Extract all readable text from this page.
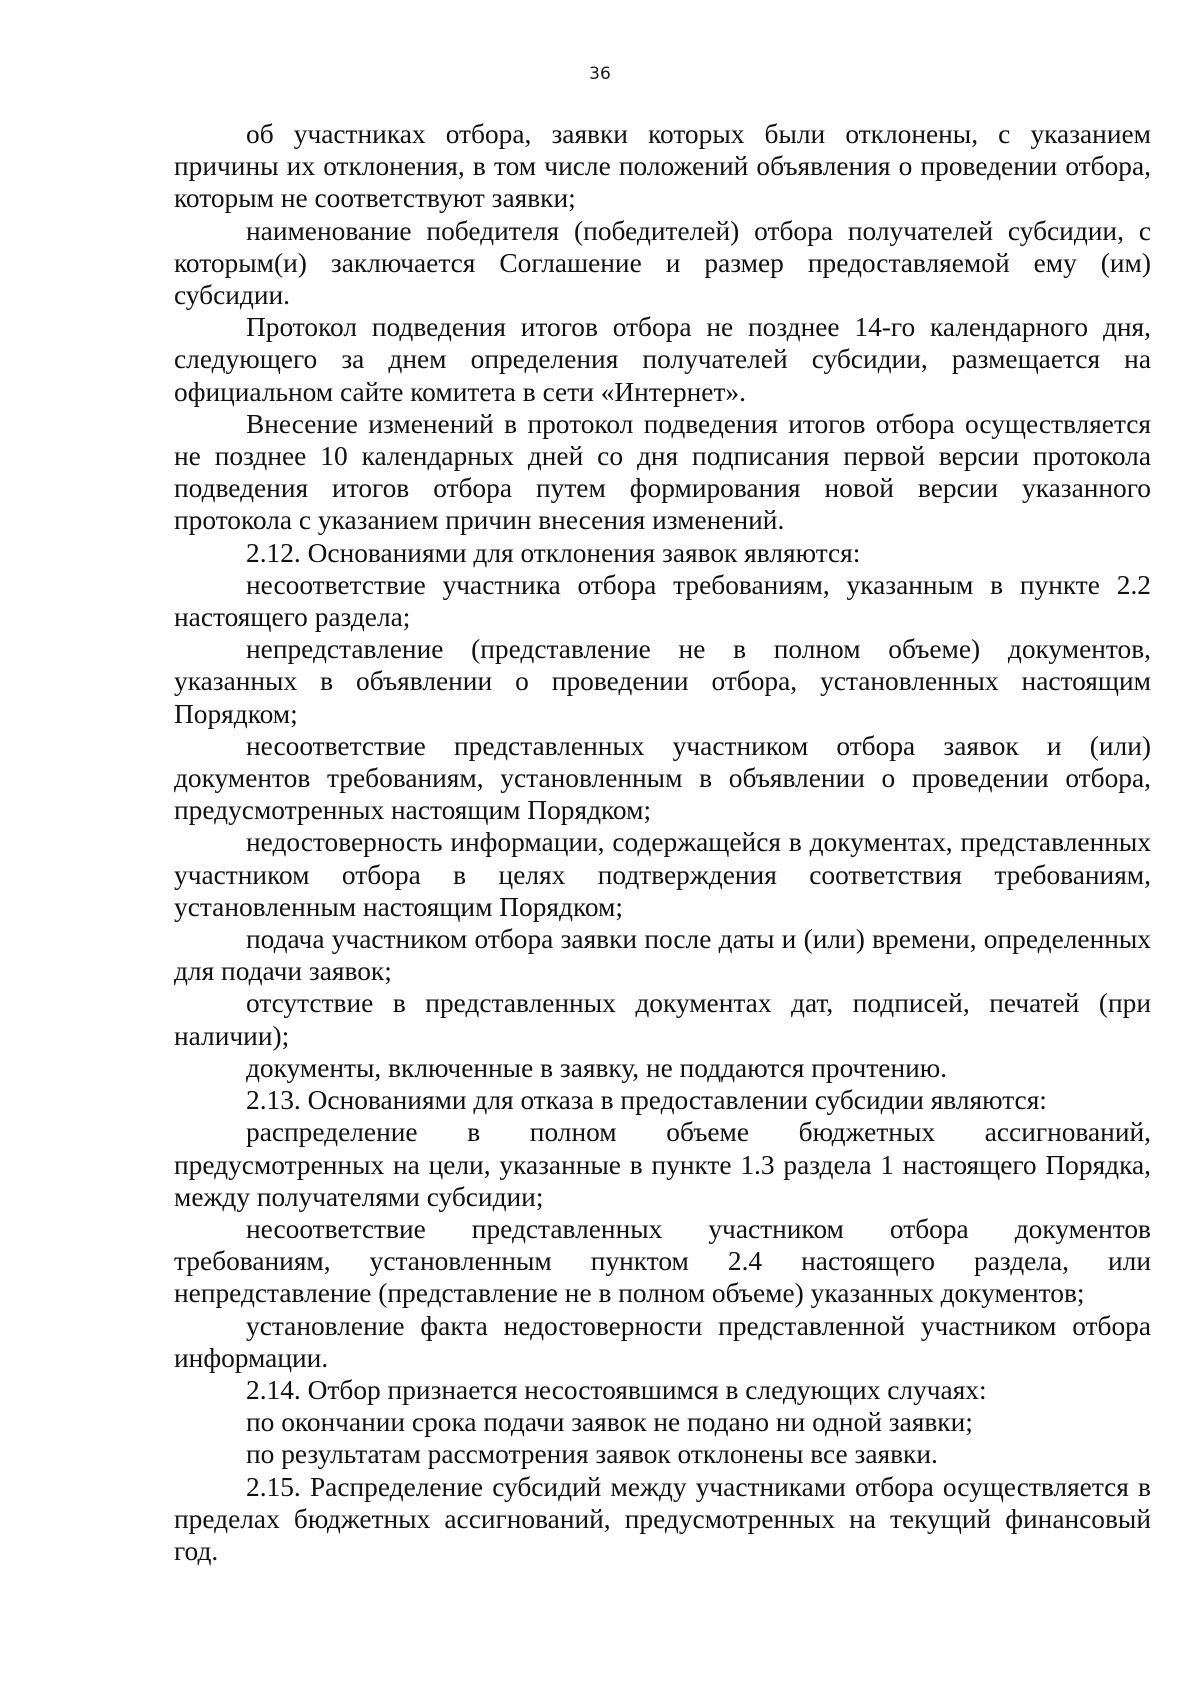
36

об участниках отбора, заявки которых были отклонены, с указанием причины их отклонения, в том числе положений объявления о проведении отбора, которым не соответствуют заявки;

наименование победителя (победителей) отбора получателей субсидии, с которым(и) заключается Соглашение и размер предоставляемой ему (им) субсидии.

Протокол подведения итогов отбора не позднее 14-го календарного дня, следующего за днем определения получателей субсидии, размещается на официальном сайте комитета в сети «Интернет».

Внесение изменений в протокол подведения итогов отбора осуществляется не позднее 10 календарных дней со дня подписания первой версии протокола подведения итогов отбора путем формирования новой версии указанного протокола с указанием причин внесения изменений.

2.12. Основаниями для отклонения заявок являются:

несоответствие участника отбора требованиям, указанным в пункте 2.2 настоящего раздела;

непредставление (представление не в полном объеме) документов, указанных в объявлении о проведении отбора, установленных настоящим Порядком;

несоответствие представленных участником отбора заявок и (или) документов требованиям, установленным в объявлении о проведении отбора, предусмотренных настоящим Порядком;

недостоверность информации, содержащейся в документах, представленных участником отбора в целях подтверждения соответствия требованиям, установленным настоящим Порядком;

подача участником отбора заявки после даты и (или) времени, определенных для подачи заявок;

отсутствие в представленных документах дат, подписей, печатей (при наличии);

документы, включенные в заявку, не поддаются прочтению.

2.13. Основаниями для отказа в предоставлении субсидии являются:

распределение в полном объеме бюджетных ассигнований, предусмотренных на цели, указанные в пункте 1.3 раздела 1 настоящего Порядка, между получателями субсидии;

несоответствие представленных участником отбора документов требованиям, установленным пунктом 2.4 настоящего раздела, или непредставление (представление не в полном объеме) указанных документов;

установление факта недостоверности представленной участником отбора информации.

2.14. Отбор признается несостоявшимся в следующих случаях:

по окончании срока подачи заявок не подано ни одной заявки;

по результатам рассмотрения заявок отклонены все заявки.

2.15. Распределение субсидий между участниками отбора осуществляется в пределах бюджетных ассигнований, предусмотренных на текущий финансовый год.
